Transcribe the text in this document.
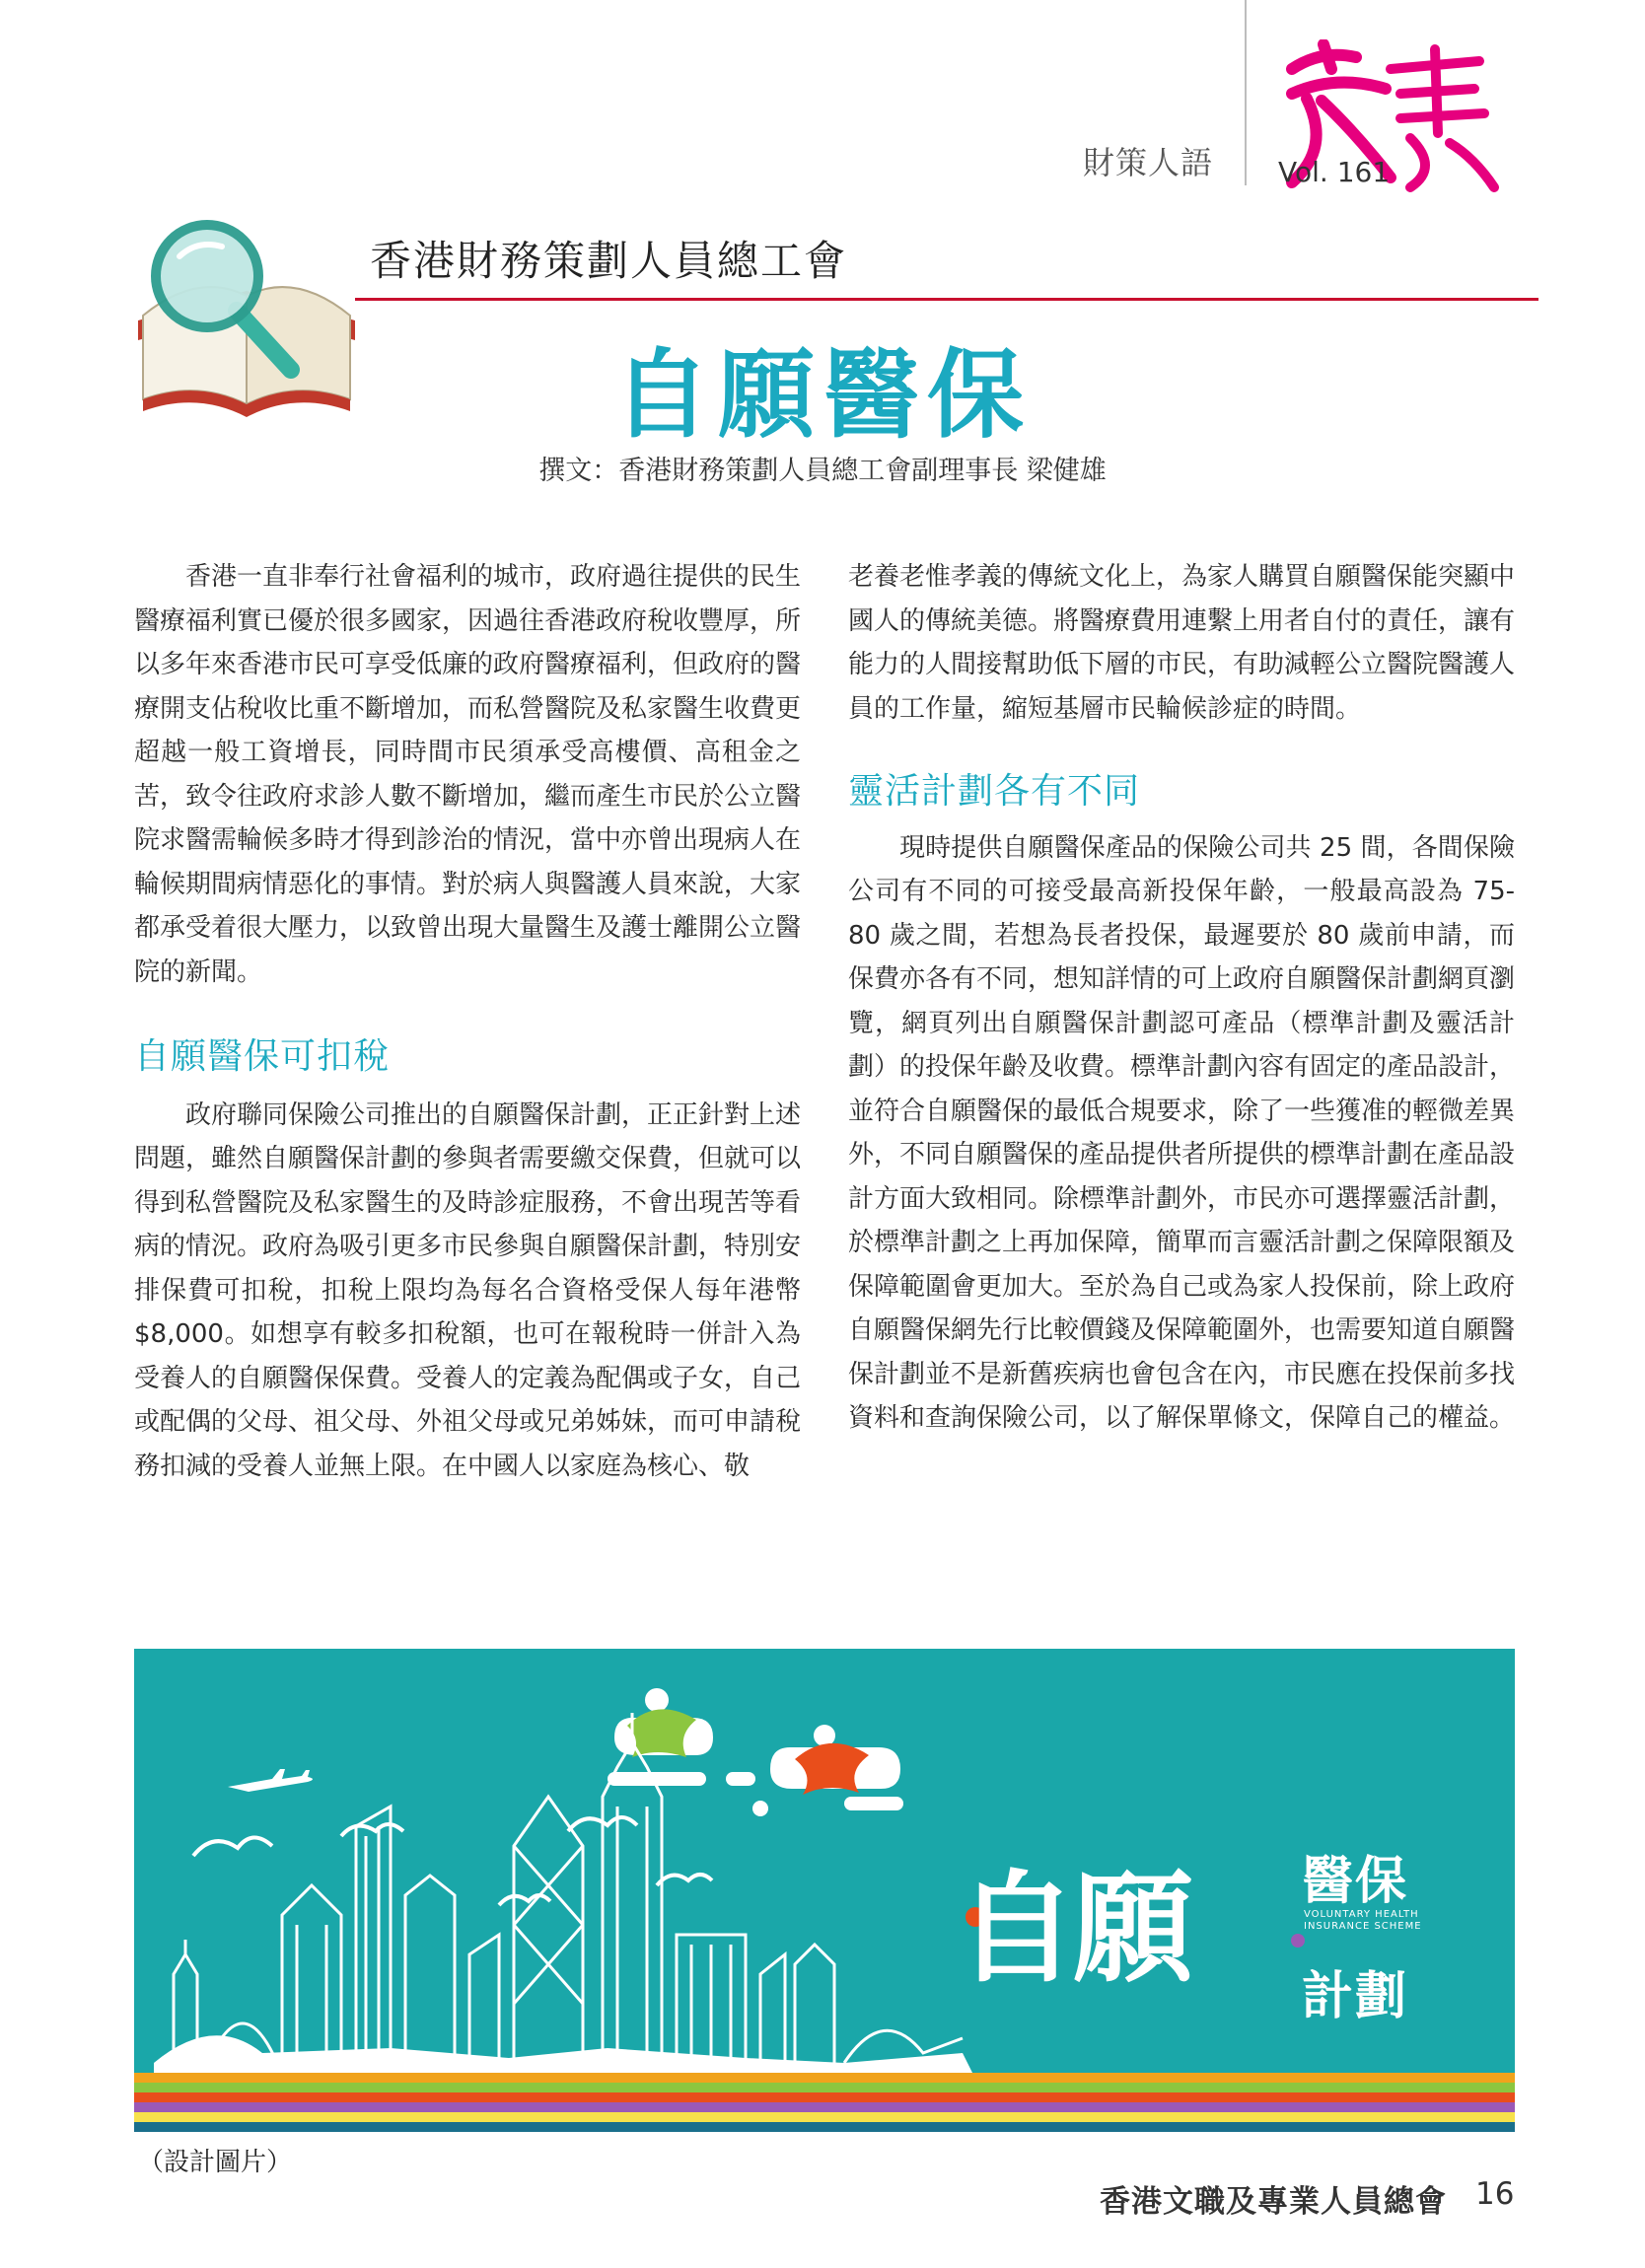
財策人語 Vol. 161
香港財務策劃人員總工會
自願醫保
撰文：香港財務策劃人員總工會副理事長 梁健雄

香港一直非奉行社會福利的城市，政府過往提供的民生醫療福利實已優於很多國家，因過往香港政府稅收豐厚，所以多年來香港市民可享受低廉的政府醫療福利，但政府的醫療開支佔稅收比重不斷增加，而私營醫院及私家醫生收費更超越一般工資增長，同時間市民須承受高樓價、高租金之苦，致令往政府求診人數不斷增加，繼而產生市民於公立醫院求醫需輪候多時才得到診治的情況，當中亦曾出現病人在輪候期間病情惡化的事情。對於病人與醫護人員來說，大家都承受着很大壓力，以致曾出現大量醫生及護士離開公立醫院的新聞。

自願醫保可扣稅

政府聯同保險公司推出的自願醫保計劃，正正針對上述問題，雖然自願醫保計劃的參與者需要繳交保費，但就可以得到私營醫院及私家醫生的及時診症服務，不會出現苦等看病的情況。政府為吸引更多市民參與自願醫保計劃，特別安排保費可扣稅，扣稅上限均為每名合資格受保人每年港幣 $8,000。如想享有較多扣稅額，也可在報稅時一併計入為受養人的自願醫保保費。受養人的定義為配偶或子女，自己或配偶的父母、祖父母、外祖父母或兄弟姊妹，而可申請稅務扣減的受養人並無上限。在中國人以家庭為核心、敬

老養老惟孝義的傳統文化上，為家人購買自願醫保能突顯中國人的傳統美德。將醫療費用連繫上用者自付的責任，讓有能力的人間接幫助低下層的市民，有助減輕公立醫院醫護人員的工作量，縮短基層市民輪候診症的時間。

靈活計劃各有不同

現時提供自願醫保產品的保險公司共 25 間，各間保險公司有不同的可接受最高新投保年齡，一般最高設為 75-80 歲之間，若想為長者投保，最遲要於 80 歲前申請，而保費亦各有不同，想知詳情的可上政府自願醫保計劃網頁瀏覽，網頁列出自願醫保計劃認可產品（標準計劃及靈活計劃）的投保年齡及收費。標準計劃內容有固定的產品設計，並符合自願醫保的最低合規要求，除了一些獲准的輕微差異外，不同自願醫保的產品提供者所提供的標準計劃在產品設計方面大致相同。除標準計劃外，市民亦可選擇靈活計劃，於標準計劃之上再加保障，簡單而言靈活計劃之保障限額及保障範圍會更加大。至於為自己或為家人投保前，除上政府自願醫保網先行比較價錢及保障範圍外，也需要知道自願醫保計劃並不是新舊疾病也會包含在內，市民應在投保前多找資料和查詢保險公司，以了解保單條文，保障自己的權益。

自願 醫保
VOLUNTARY HEALTH INSURANCE SCHEME
計劃
（設計圖片）
香港文職及專業人員總會 16
